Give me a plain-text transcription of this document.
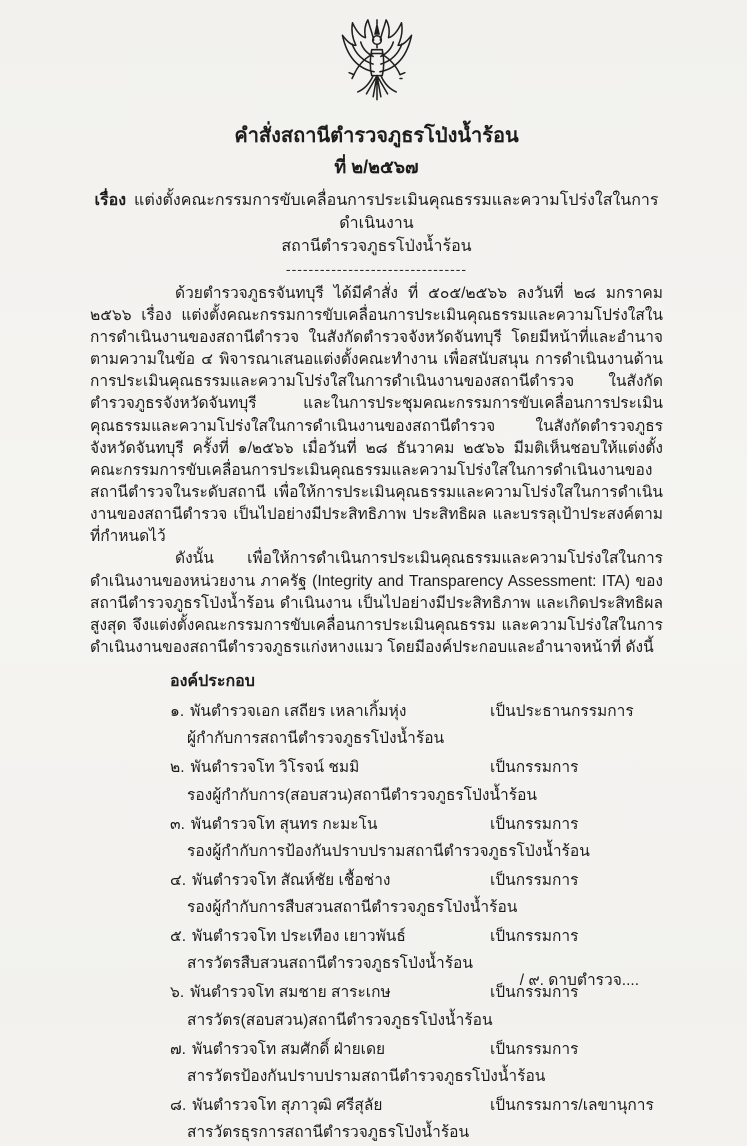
คำสั่งสถานีตำรวจภูธรโป่งน้ำร้อน
ที่ ๒/๒๕๖๗
เรื่อง แต่งตั้งคณะกรรมการขับเคลื่อนการประเมินคุณธรรมและความโปร่งใสในการดำเนินงาน
สถานีตำรวจภูธรโป่งน้ำร้อน
--------------------------------

ด้วยตำรวจภูธรจันทบุรี ได้มีคำสั่ง ที่ ๕๐๕/๒๕๖๖ ลงวันที่ ๒๘ มกราคม ๒๕๖๖ เรื่อง แต่งตั้งคณะกรรมการขับเคลื่อนการประเมินคุณธรรมและความโปร่งใสในการดำเนินงานของสถานีตำรวจ ในสังกัดตำรวจจังหวัดจันทบุรี โดยมีหน้าที่และอำนาจตามความในข้อ ๔ พิจารณาเสนอแต่งตั้งคณะทำงาน เพื่อสนับสนุน การดำเนินงานด้านการประเมินคุณธรรมและความโปร่งใสในการดำเนินงานของสถานีตำรวจ ในสังกัดตำรวจภูธรจังหวัดจันทบุรี และในการประชุมคณะกรรมการขับเคลื่อนการประเมินคุณธรรมและความโปร่งใสในการดำเนินงานของสถานีตำรวจ ในสังกัดตำรวจภูธรจังหวัดจันทบุรี ครั้งที่ ๑/๒๕๖๖ เมื่อวันที่ ๒๘ ธันวาคม ๒๕๖๖ มีมติเห็นชอบให้แต่งตั้งคณะกรรมการขับเคลื่อนการประเมินคุณธรรมและความโปร่งใสในการดำเนินงานของสถานีตำรวจในระดับสถานี เพื่อให้การประเมินคุณธรรมและความโปร่งใสในการดำเนินงานของสถานีตำรวจ เป็นไปอย่างมีประสิทธิภาพ ประสิทธิผล และบรรลุเป้าประสงค์ตามที่กำหนดไว้

ดังนั้น เพื่อให้การดำเนินการประเมินคุณธรรมและความโปร่งใสในการดำเนินงานของหน่วยงาน ภาครัฐ (Integrity and Transparency Assessment: ITA) ของสถานีตำรวจภูธรโป่งน้ำร้อน ดำเนินงาน เป็นไปอย่างมีประสิทธิภาพ และเกิดประสิทธิผลสูงสุด จึงแต่งตั้งคณะกรรมการขับเคลื่อนการประเมินคุณธรรม และความโปร่งใสในการดำเนินงานของสถานีตำรวจภูธรแก่งหางแมว โดยมีองค์ประกอบและอำนาจหน้าที่ ดังนี้

องค์ประกอบ
๑. พันตำรวจเอก เสถียร เหลาเกิ้มหุ่ง	เป็นประธานกรรมการ
ผู้กำกับการสถานีตำรวจภูธรโป่งน้ำร้อน
๒. พันตำรวจโท วิโรจน์ ชมมิ	เป็นกรรมการ
รองผู้กำกับการ(สอบสวน)สถานีตำรวจภูธรโป่งน้ำร้อน
๓. พันตำรวจโท สุนทร กะมะโน	เป็นกรรมการ
รองผู้กำกับการป้องกันปราบปรามสถานีตำรวจภูธรโป่งน้ำร้อน
๔. พันตำรวจโท สัณห์ชัย เชื้อช่าง	เป็นกรรมการ
รองผู้กำกับการสืบสวนสถานีตำรวจภูธรโป่งน้ำร้อน
๕. พันตำรวจโท ประเทือง เยาวพันธ์	เป็นกรรมการ
สารวัตรสืบสวนสถานีตำรวจภูธรโป่งน้ำร้อน
๖. พันตำรวจโท สมชาย สาระเกษ	เป็นกรรมการ
สารวัตร(สอบสวน)สถานีตำรวจภูธรโป่งน้ำร้อน
๗. พันตำรวจโท สมศักดิ์ ฝ่ายเดย	เป็นกรรมการ
สารวัตรป้องกันปราบปรามสถานีตำรวจภูธรโป่งน้ำร้อน
๘. พันตำรวจโท สุภาวุฒิ ศรีสุลัย	เป็นกรรมการ/เลขานุการ
สารวัตรธุรการสถานีตำรวจภูธรโป่งน้ำร้อน
/ ๙. ดาบตำรวจ....
